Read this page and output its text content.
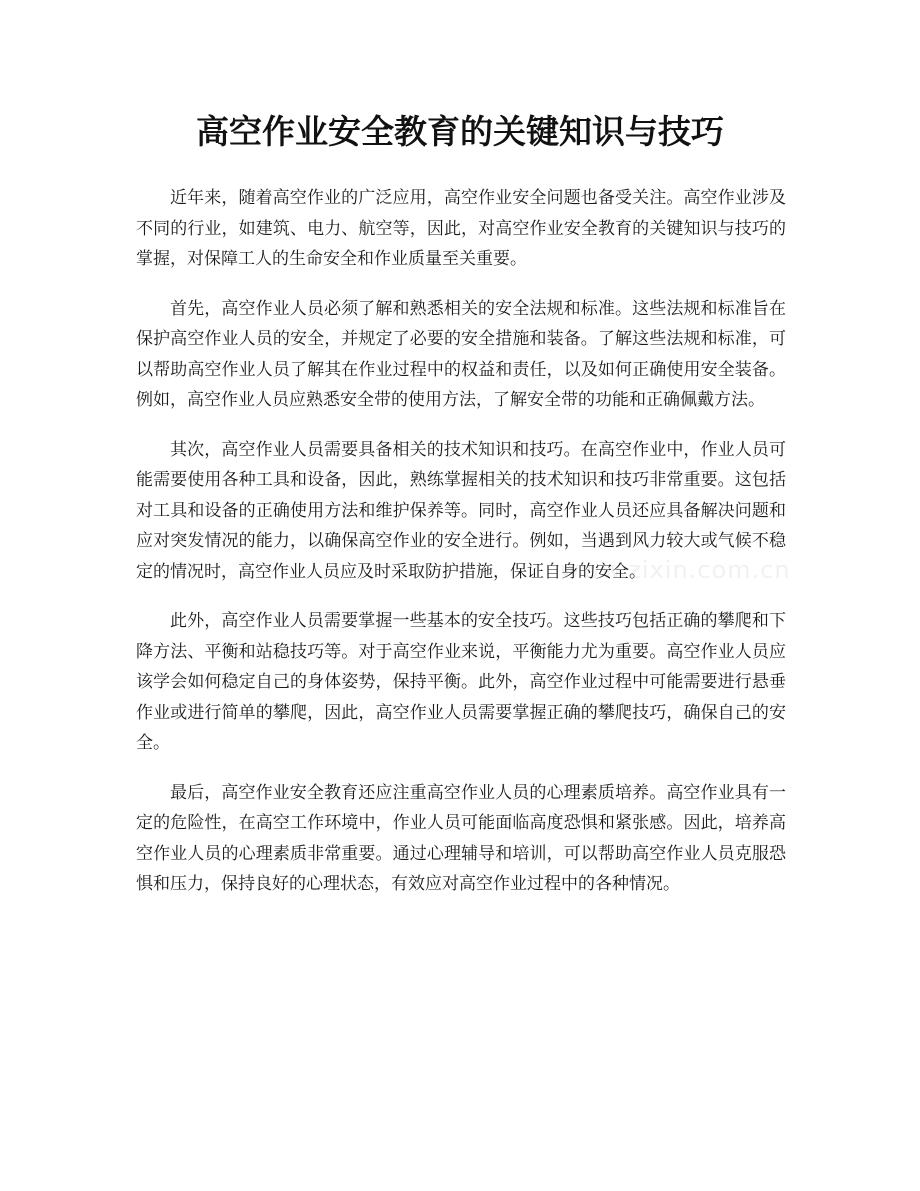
高空作业安全教育的关键知识与技巧

近年来，随着高空作业的广泛应用，高空作业安全问题也备受关注。高空作业涉及不同的行业，如建筑、电力、航空等，因此，对高空作业安全教育的关键知识与技巧的掌握，对保障工人的生命安全和作业质量至关重要。

首先，高空作业人员必须了解和熟悉相关的安全法规和标准。这些法规和标准旨在保护高空作业人员的安全，并规定了必要的安全措施和装备。了解这些法规和标准，可以帮助高空作业人员了解其在作业过程中的权益和责任，以及如何正确使用安全装备。例如，高空作业人员应熟悉安全带的使用方法，了解安全带的功能和正确佩戴方法。

其次，高空作业人员需要具备相关的技术知识和技巧。在高空作业中，作业人员可能需要使用各种工具和设备，因此，熟练掌握相关的技术知识和技巧非常重要。这包括对工具和设备的正确使用方法和维护保养等。同时，高空作业人员还应具备解决问题和应对突发情况的能力，以确保高空作业的安全进行。例如，当遇到风力较大或气候不稳定的情况时，高空作业人员应及时采取防护措施，保证自身的安全。

此外，高空作业人员需要掌握一些基本的安全技巧。这些技巧包括正确的攀爬和下降方法、平衡和站稳技巧等。对于高空作业来说，平衡能力尤为重要。高空作业人员应该学会如何稳定自己的身体姿势，保持平衡。此外，高空作业过程中可能需要进行悬垂作业或进行简单的攀爬，因此，高空作业人员需要掌握正确的攀爬技巧，确保自己的安全。

最后，高空作业安全教育还应注重高空作业人员的心理素质培养。高空作业具有一定的危险性，在高空工作环境中，作业人员可能面临高度恐惧和紧张感。因此，培养高空作业人员的心理素质非常重要。通过心理辅导和培训，可以帮助高空作业人员克服恐惧和压力，保持良好的心理状态，有效应对高空作业过程中的各种情况。

www.zixin.com.cn
